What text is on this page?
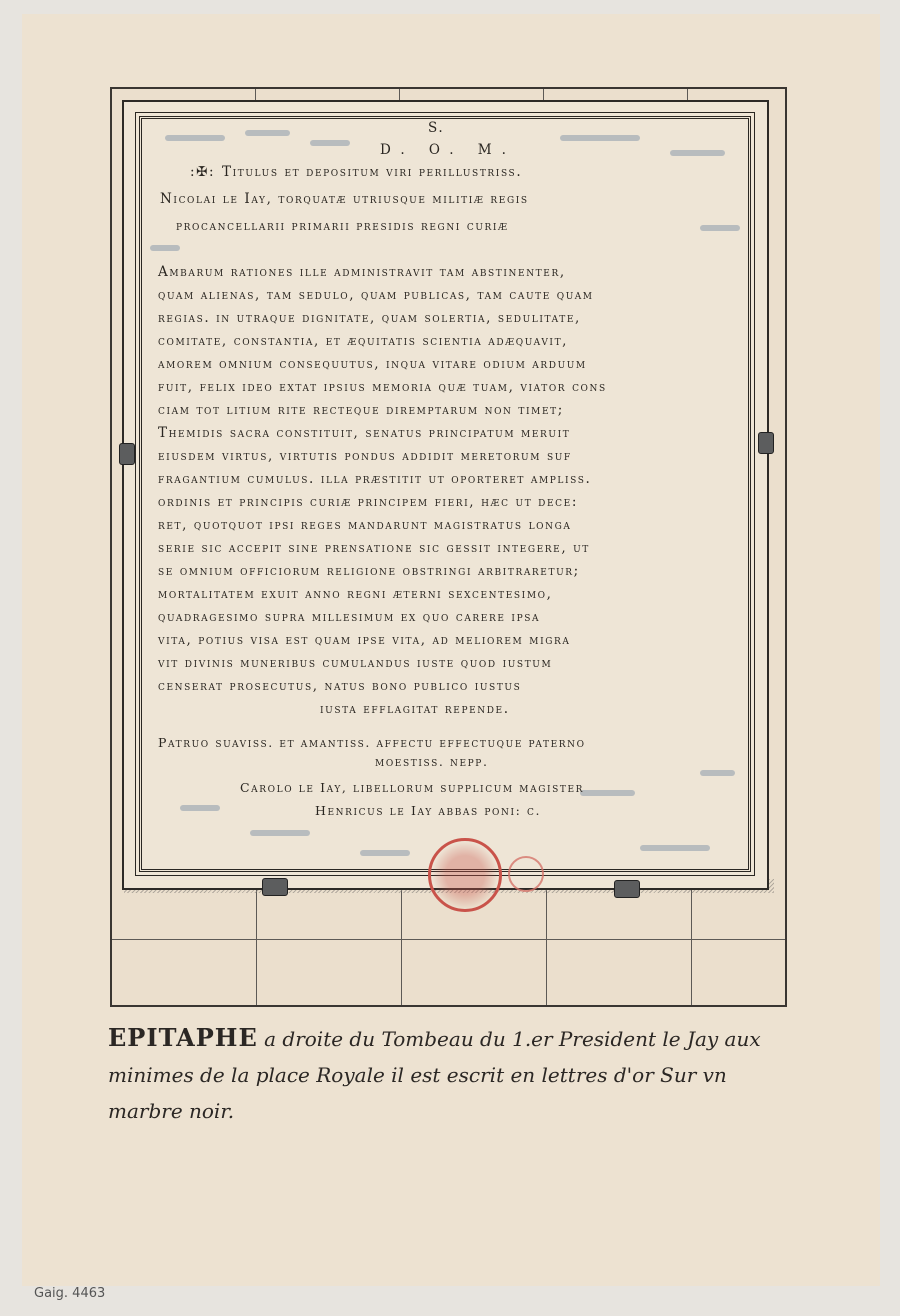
S.
D. O. M.
:✠: Titulus et depositum viri perillustriss.
Nicolai le Iay, torquatæ utriusque militiæ regis
procancellarii primarii presidis regni curiæ
Ambarum rationes ille administravit tam abstinenter,
quam alienas, tam sedulo, quam publicas, tam caute quam
regias. in utraque dignitate, quam solertia, sedulitate,
comitate, constantia, et æquitatis scientia adæquavit,
amorem omnium consequutus, inqua vitare odium arduum
fuit, felix ideo extat ipsius memoria quæ tuam, viator cons
ciam tot litium rite recteque diremptarum non timet;
Themidis sacra constituit, senatus principatum meruit
eiusdem virtus, virtutis pondus addidit meretorum suf
fragantium cumulus. illa præstitit ut oporteret ampliss.
ordinis et principis curiæ principem fieri, hæc ut dece:
ret, quotquot ipsi reges mandarunt magistratus longa
serie sic accepit sine prensatione sic gessit integere, ut
se omnium officiorum religione obstringi arbitraretur;
mortalitatem exuit anno regni æterni sexcentesimo,
quadragesimo supra millesimum ex quo carere ipsa
vita, potius visa est quam ipse vita, ad meliorem migra
vit divinis muneribus cumulandus iuste quod iustum
censerat prosecutus, natus bono publico iustus
iusta efflagitat repende.
Patruo suaviss. et amantiss. affectu effectuque paterno
moestiss. nepp.
Carolo le Iay, libellorum supplicum magister
Henricus le Iay abbas poni: c.
EPITAPHE a droite du Tombeau du 1.er President le Jay aux
minimes de la place Royale il est escrit en lettres d'or Sur vn
marbre noir.
Gaig. 4463
